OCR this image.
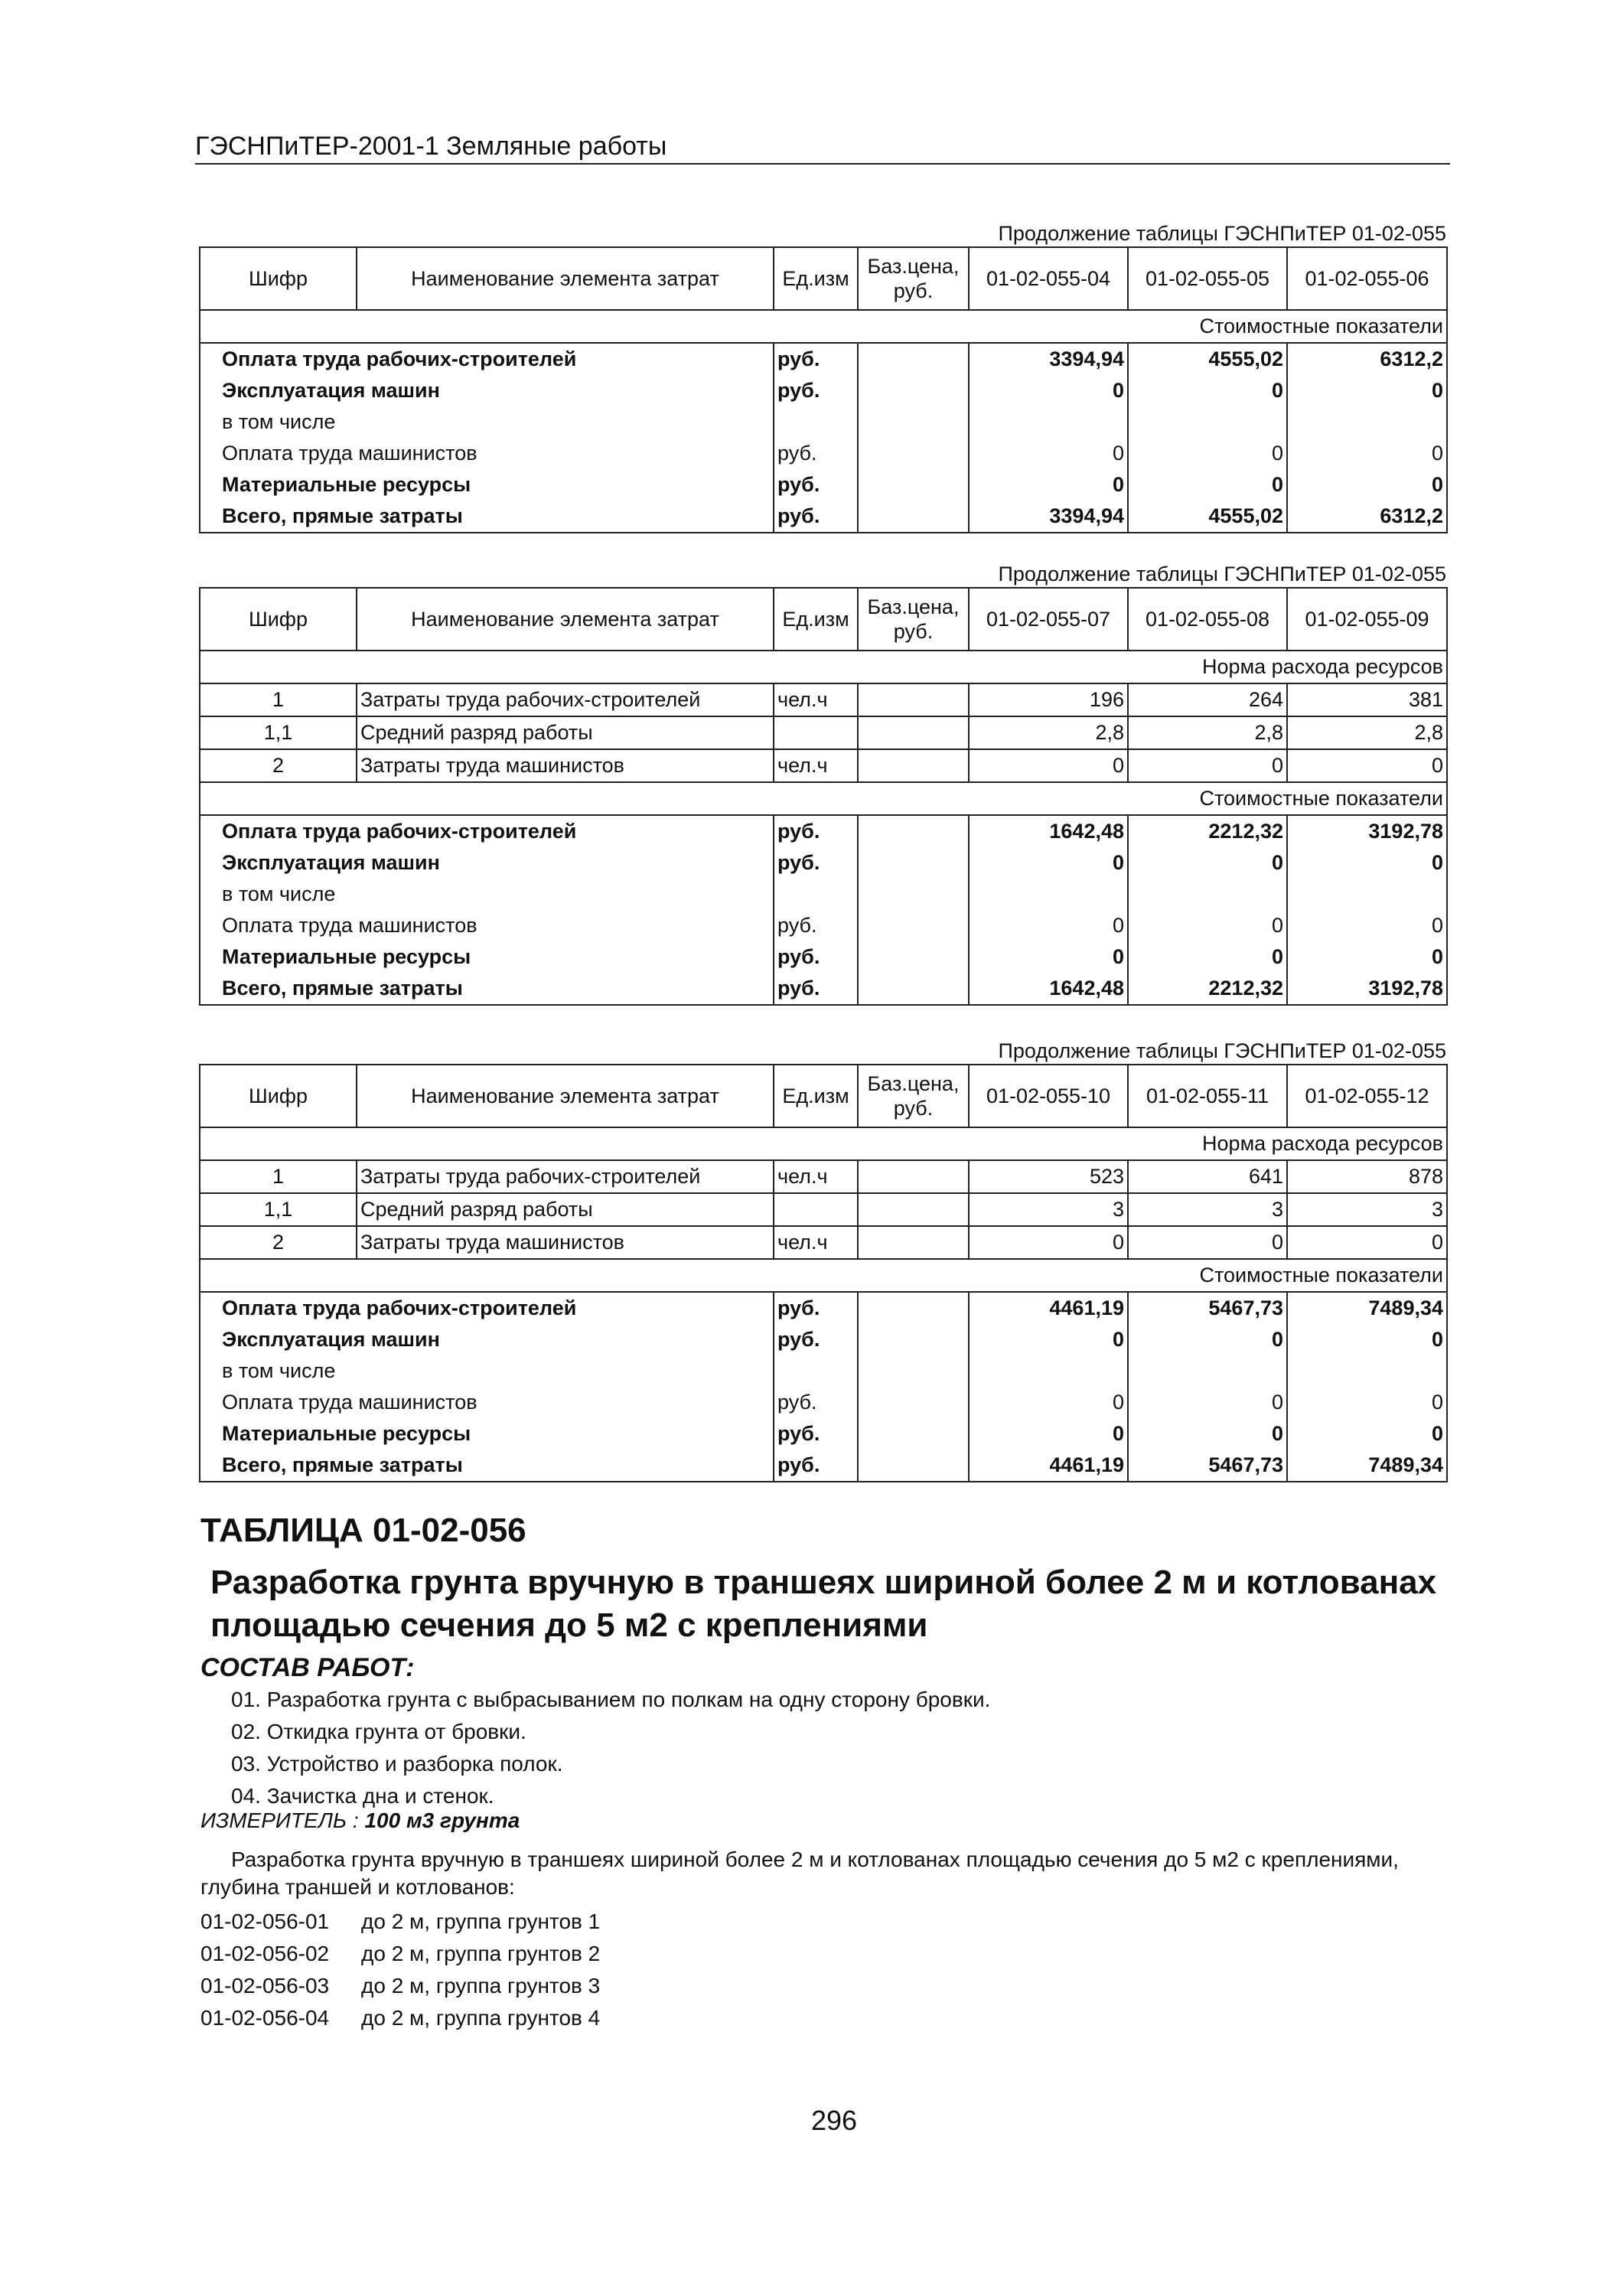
ГЭСНПиТЕР-2001-1 Земляные работы
Продолжение таблицы ГЭСНПиТЕР 01-02-055
Шифр	Наименование элемента затрат	Ед.изм	Баз.цена, руб.	01-02-055-04	01-02-055-05	01-02-055-06
Стоимостные показатели						
Оплата труда рабочих-строителей		руб.		3394,94	4555,02	6312,2
Эксплуатация машин		руб.		0	0	0
в том числе						
Оплата труда машинистов		руб.		0	0	0
Материальные ресурсы		руб.		0	0	0
Всего, прямые затраты		руб.		3394,94	4555,02	6312,2
Продолжение таблицы ГЭСНПиТЕР 01-02-055
Шифр	Наименование элемента затрат	Ед.изм	Баз.цена, руб.	01-02-055-07	01-02-055-08	01-02-055-09
Норма расхода ресурсов						
1	Затраты труда рабочих-строителей	чел.ч		196	264	381
1,1	Средний разряд работы			2,8	2,8	2,8
2	Затраты труда машинистов	чел.ч		0	0	0
Стоимостные показатели						
Оплата труда рабочих-строителей		руб.		1642,48	2212,32	3192,78
Эксплуатация машин		руб.		0	0	0
в том числе						
Оплата труда машинистов		руб.		0	0	0
Материальные ресурсы		руб.		0	0	0
Всего, прямые затраты		руб.		1642,48	2212,32	3192,78
Продолжение таблицы ГЭСНПиТЕР 01-02-055
Шифр	Наименование элемента затрат	Ед.изм	Баз.цена, руб.	01-02-055-10	01-02-055-11	01-02-055-12
Норма расхода ресурсов						
1	Затраты труда рабочих-строителей	чел.ч		523	641	878
1,1	Средний разряд работы			3	3	3
2	Затраты труда машинистов	чел.ч		0	0	0
Стоимостные показатели						
Оплата труда рабочих-строителей		руб.		4461,19	5467,73	7489,34
Эксплуатация машин		руб.		0	0	0
в том числе						
Оплата труда машинистов		руб.		0	0	0
Материальные ресурсы		руб.		0	0	0
Всего, прямые затраты		руб.		4461,19	5467,73	7489,34
ТАБЛИЦА 01-02-056
Разработка грунта вручную в траншеях шириной более 2 м и котлованах площадью сечения до 5 м2 с креплениями
СОСТАВ РАБОТ:
01. Разработка грунта с выбрасыванием по полкам на одну сторону бровки.
02. Откидка грунта от бровки.
03. Устройство и разборка полок.
04. Зачистка дна и стенок.
ИЗМЕРИТЕЛЬ : 100 м3 грунта
Разработка грунта вручную в траншеях шириной более 2 м и котлованах площадью сечения до 5 м2 с креплениями, глубина траншей и котлованов:
01-02-056-01	до 2 м, группа грунтов 1
01-02-056-02	до 2 м, группа грунтов 2
01-02-056-03	до 2 м, группа грунтов 3
01-02-056-04	до 2 м, группа грунтов 4
296
